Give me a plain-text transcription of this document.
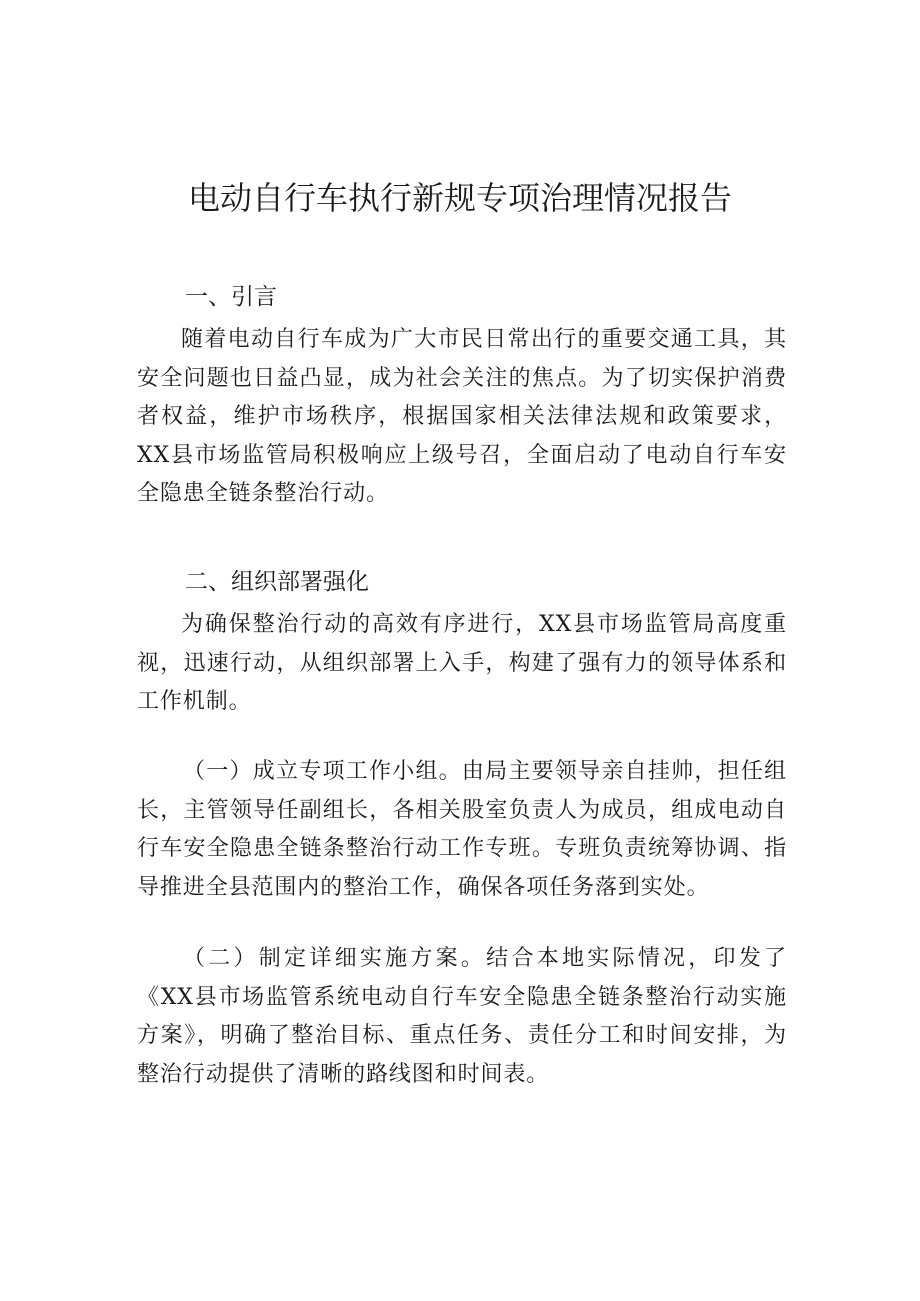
电动自行车执行新规专项治理情况报告
一、引言

随着电动自行车成为广大市民日常出行的重要交通工具，其安全问题也日益凸显，成为社会关注的焦点。为了切实保护消费者权益，维护市场秩序，根据国家相关法律法规和政策要求，XX县市场监管局积极响应上级号召，全面启动了电动自行车安全隐患全链条整治行动。

二、组织部署强化

为确保整治行动的高效有序进行，XX县市场监管局高度重视，迅速行动，从组织部署上入手，构建了强有力的领导体系和工作机制。

（一）成立专项工作小组。由局主要领导亲自挂帅，担任组长，主管领导任副组长，各相关股室负责人为成员，组成电动自行车安全隐患全链条整治行动工作专班。专班负责统筹协调、指导推进全县范围内的整治工作，确保各项任务落到实处。

（二）制定详细实施方案。结合本地实际情况，印发了《XX县市场监管系统电动自行车安全隐患全链条整治行动实施方案》，明确了整治目标、重点任务、责任分工和时间安排，为整治行动提供了清晰的路线图和时间表。
